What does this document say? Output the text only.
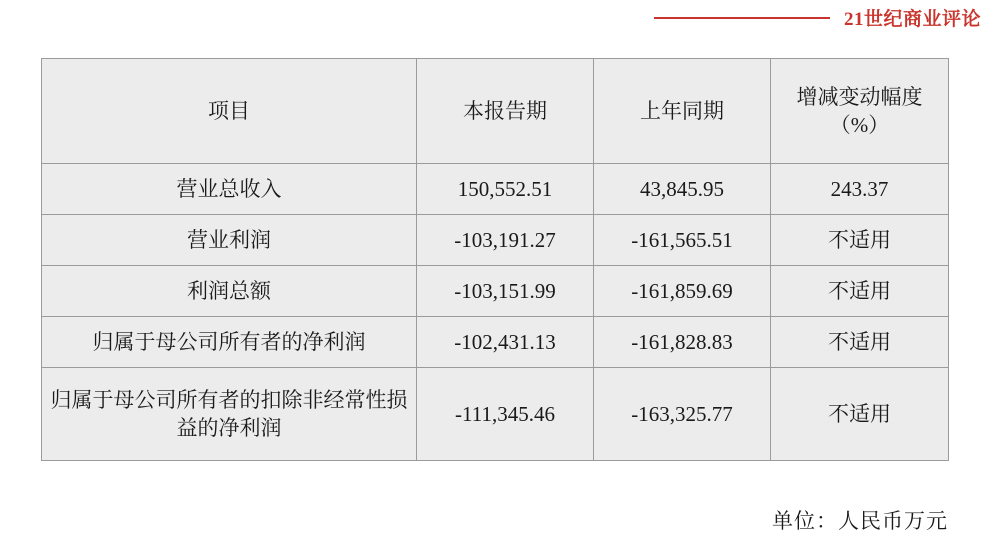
21世纪商业评论
项目	本报告期	上年同期	增减变动幅度（%）
营业总收入	150,552.51	43,845.95	243.37
营业利润	-103,191.27	-161,565.51	不适用
利润总额	-103,151.99	-161,859.69	不适用
归属于母公司所有者的净利润	-102,431.13	-161,828.83	不适用
归属于母公司所有者的扣除非经常性损益的净利润	-111,345.46	-163,325.77	不适用
单位：人民币万元
